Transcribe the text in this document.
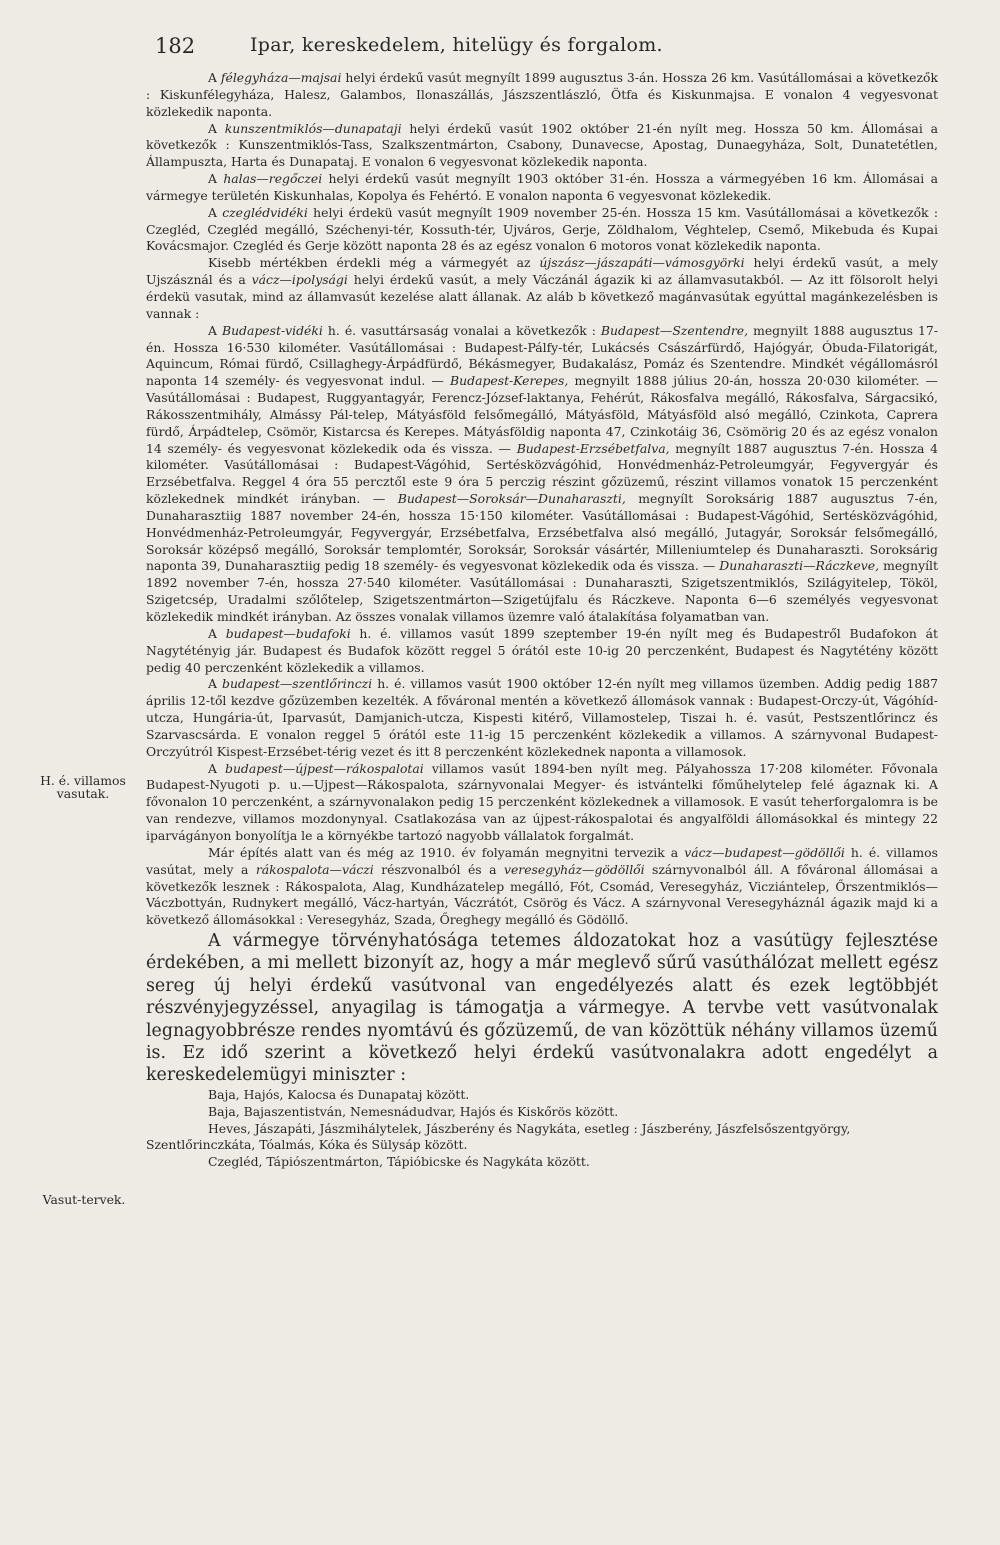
182	Ipar, kereskedelem, hitelügy és forgalom.
H. é. villamos vasutak.
Vasut-tervek.

A félegyháza—majsai helyi érdekű vasút megnyílt 1899 augusztus 3-án. Hossza 26 km. Vasútállomásai a következők : Kiskunfélegyháza, Halesz, Galambos, Ilonaszállás, Jászszentlászló, Ötfa és Kiskunmajsa. E vonalon 4 vegyesvonat közlekedik naponta.

A kunszentmiklós—dunapataji helyi érdekű vasút 1902 október 21-én nyílt meg. Hossza 50 km. Állomásai a következők : Kunszentmiklós-Tass, Szalkszentmárton, Csabony, Dunavecse, Apostag, Dunaegyháza, Solt, Dunatetétlen, Állampuszta, Harta és Dunapataj. E vonalon 6 vegyesvonat közlekedik naponta.

A halas—regőczei helyi érdekű vasút megnyílt 1903 október 31-én. Hossza a vármegyében 16 km. Állomásai a vármegye területén Kiskunhalas, Kopolya és Fehértó. E vonalon naponta 6 vegyesvonat közlekedik.

A czeglédvidéki helyi érdekü vasút megnyílt 1909 november 25-én. Hossza 15 km. Vasútállomásai a következők : Czegléd, Czegléd megálló, Széchenyi-tér, Kossuth-tér, Ujváros, Gerje, Zöldhalom, Véghtelep, Csemő, Mikebuda és Kupai Kovácsmajor. Czegléd és Gerje között naponta 28 és az egész vonalon 6 motoros vonat közlekedik naponta.

Kisebb mértékben érdekli még a vármegyét az újszász—jászapáti—vámosgyörki helyi érdekű vasút, a mely Ujszásznál és a vácz—ipolysági helyi érdekű vasút, a mely Váczánál ágazik ki az államvasutakból. — Az itt fölsorolt helyi érdekü vasutak, mind az államvasút kezelése alatt állanak. Az aláb b következő magánvasútak egyúttal magánkezelésben is vannak :

A Budapest-vidéki h. é. vasuttársaság vonalai a következők : Budapest—Szentendre, megnyilt 1888 augusztus 17-én. Hossza 16·530 kilométer. Vasútállomásai : Budapest-Pálfy-tér, Lukácsés Császárfürdő, Hajógyár, Óbuda-Filatorigát, Aquincum, Római fürdő, Csillaghegy-Árpádfürdő, Békásmegyer, Budakalász, Pomáz és Szentendre. Mindkét végállomásról naponta 14 személy- és vegyesvonat indul. — Budapest-Kerepes, megnyilt 1888 július 20-án, hossza 20·030 kilométer. — Vasútállomásai : Budapest, Ruggyantagyár, Ferencz-József-laktanya, Fehérút, Rákosfalva megálló, Rákosfalva, Sárgacsikó, Rákosszentmihály, Almássy Pál-telep, Mátyásföld felsőmegálló, Mátyásföld, Mátyásföld alsó megálló, Czinkota, Caprera fürdő, Árpádtelep, Csömör, Kistarcsa és Kerepes. Mátyásföldig naponta 47, Czinkotáig 36, Csömörig 20 és az egész vonalon 14 személy- és vegyesvonat közlekedik oda és vissza. — Budapest-Erzsébetfalva, megnyílt 1887 augusztus 7-én. Hossza 4 kilométer. Vasútállomásai : Budapest-Vágóhid, Sertésközvágóhid, Honvédmenház-Petroleumgyár, Fegyvergyár és Erzsébetfalva. Reggel 4 óra 55 percztől este 9 óra 5 perczig részint gőzüzemű, részint villamos vonatok 15 perczenként közlekednek mindkét irányban. — Budapest—Soroksár—Dunaharaszti, megnyílt Soroksárig 1887 augusztus 7-én, Dunaharasztiig 1887 november 24-én, hossza 15·150 kilométer. Vasútállomásai : Budapest-Vágóhid, Sertésközvágóhid, Honvédmenház-Petroleumgyár, Fegyvergyár, Erzsébetfalva, Erzsébetfalva alsó megálló, Jutagyár, Soroksár felsőmegálló, Soroksár középső megálló, Soroksár templomtér, Soroksár, Soroksár vásártér, Milleniumtelep és Dunaharaszti. Soroksárig naponta 39, Dunaharasztiig pedig 18 személy- és vegyesvonat közlekedik oda és vissza. — Dunaharaszti—Ráczkeve, megnyílt 1892 november 7-én, hossza 27·540 kilométer. Vasútállomásai : Dunaharaszti, Szigetszentmiklós, Szilágyitelep, Tököl, Szigetcsép, Uradalmi szőlőtelep, Szigetszentmárton—Szigetújfalu és Ráczkeve. Naponta 6—6 személyés vegyesvonat közlekedik mindkét irányban. Az összes vonalak villamos üzemre való átalakítása folyamatban van.

A budapest—budafoki h. é. villamos vasút 1899 szeptember 19-én nyílt meg és Budapestről Budafokon át Nagytétényig jár. Budapest és Budafok között reggel 5 órától este 10-ig 20 perczenként, Budapest és Nagytétény között pedig 40 perczenként közlekedik a villamos.

A budapest—szentlőrinczi h. é. villamos vasút 1900 október 12-én nyílt meg villamos üzemben. Addig pedig 1887 április 12-től kezdve gőzüzemben kezelték. A főváronal mentén a következő állomások vannak : Budapest-Orczy-út, Vágóhíd-utcza, Hungária-út, Iparvasút, Damjanich-utcza, Kispesti kitérő, Villamostelep, Tiszai h. é. vasút, Pestszentlőrincz és Szarvascsárda. E vonalon reggel 5 órától este 11-ig 15 perczenként közlekedik a villamos. A szárnyvonal Budapest-Orczyútról Kispest-Erzsébet-térig vezet és itt 8 perczenként közlekednek naponta a villamosok.

A budapest—újpest—rákospalotai villamos vasút 1894-ben nyílt meg. Pályahossza 17·208 kilométer. Fővonala Budapest-Nyugoti p. u.—Ujpest—Rákospalota, szárnyvonalai Megyer- és istvántelki főműhelytelep felé ágaznak ki. A fővonalon 10 perczenként, a szárnyvonalakon pedig 15 perczenként közlekednek a villamosok. E vasút teherforgalomra is be van rendezve, villamos mozdonynyal. Csatlakozása van az újpest-rákospalotai és angyalföldi állomásokkal és mintegy 22 iparvágányon bonyolítja le a környékbe tartozó nagyobb vállalatok forgalmát.

Már építés alatt van és még az 1910. év folyamán megnyitni tervezik a vácz—budapest—gödöllői h. é. villamos vasútat, mely a rákospalota—váczi részvonalból és a veresegyház—gödöllői szárnyvonalból áll. A főváronal állomásai a következők lesznek : Rákospalota, Alag, Kundházatelep megálló, Fót, Csomád, Veresegyház, Vicziántelep, Őrszentmiklós—Váczbottyán, Rudnykert megálló, Vácz-hartyán, Váczrátót, Csörög és Vácz. A szárnyvonal Veresegyháznál ágazik majd ki a következő állomásokkal : Veresegyház, Szada, Őreghegy megálló és Gödöllő.

A vármegye törvényhatósága tetemes áldozatokat hoz a vasútügy fejlesztése érdekében, a mi mellett bizonyít az, hogy a már meglevő sűrű vasúthálózat mellett egész sereg új helyi érdekű vasútvonal van engedélyezés alatt és ezek legtöbbjét részvényjegyzéssel, anyagilag is támogatja a vármegye. A tervbe vett vasútvonalak legnagyobbrésze rendes nyomtávú és gőzüzemű, de van közöttük néhány villamos üzemű is. Ez idő szerint a következő helyi érdekű vasútvonalakra adott engedélyt a kereskedelemügyi miniszter :

Baja, Hajós, Kalocsa és Dunapataj között.

Baja, Bajaszentistván, Nemesnádudvar, Hajós és Kiskőrös között.

Heves, Jászapáti, Jászmihálytelek, Jászberény és Nagykáta, esetleg : Jászberény, Jászfelsőszentgyörgy, Szentlőrinczkáta, Tóalmás, Kóka és Sülysáp között.

Czegléd, Tápiószentmárton, Tápióbicske és Nagykáta között.
